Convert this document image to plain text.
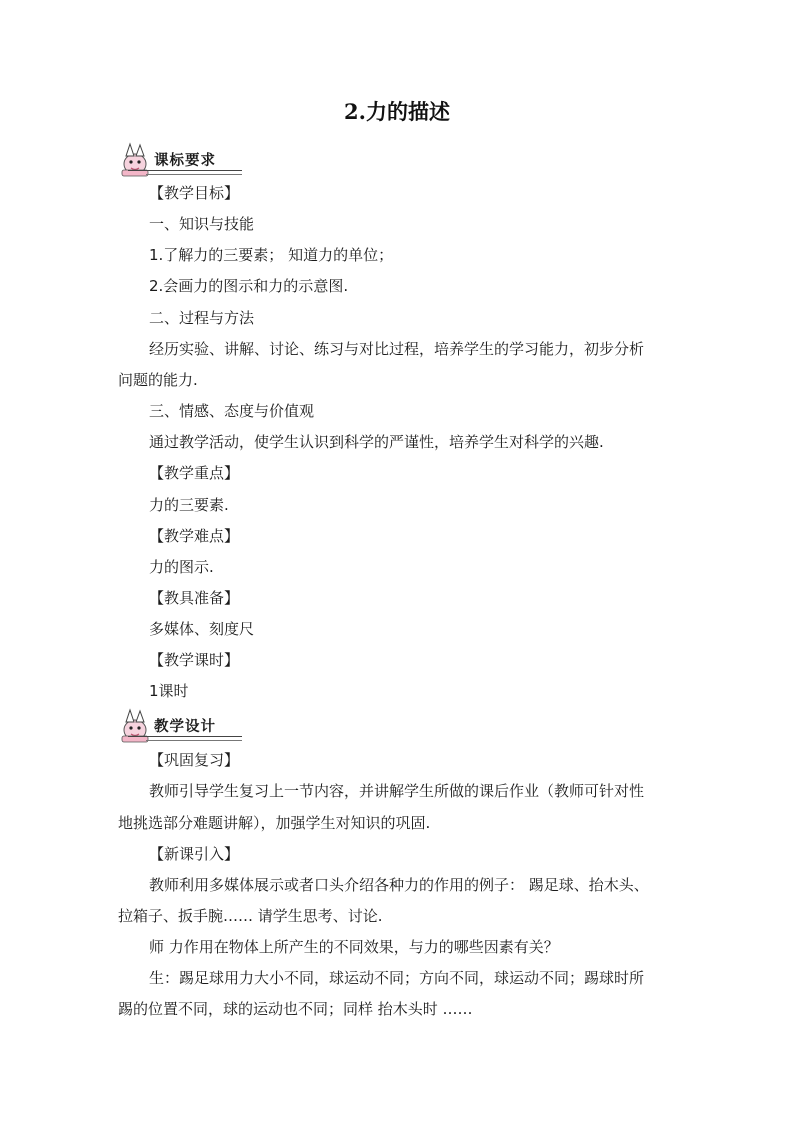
2.力的描述
课标要求
【教学目标】
一、知识与技能
1.了解力的三要素； 知道力的单位；
2.会画力的图示和力的示意图.
二、过程与方法
经历实验、讲解、讨论、练习与对比过程，培养学生的学习能力，初步分析
问题的能力.
三、情感、态度与价值观
通过教学活动，使学生认识到科学的严谨性，培养学生对科学的兴趣.
【教学重点】
力的三要素.
【教学难点】
力的图示.
【教具准备】
多媒体、刻度尺
【教学课时】
1课时
教学设计
【巩固复习】
教师引导学生复习上一节内容，并讲解学生所做的课后作业（教师可针对性
地挑选部分难题讲解），加强学生对知识的巩固.
【新课引入】
教师利用多媒体展示或者口头介绍各种力的作用的例子： 踢足球、抬木头、
拉箱子、扳手腕…… 请学生思考、讨论.
师 力作用在物体上所产生的不同效果，与力的哪些因素有关？
生：踢足球用力大小不同，球运动不同；方向不同，球运动不同；踢球时所
踢的位置不同，球的运动也不同；同样 抬木头时 ……
